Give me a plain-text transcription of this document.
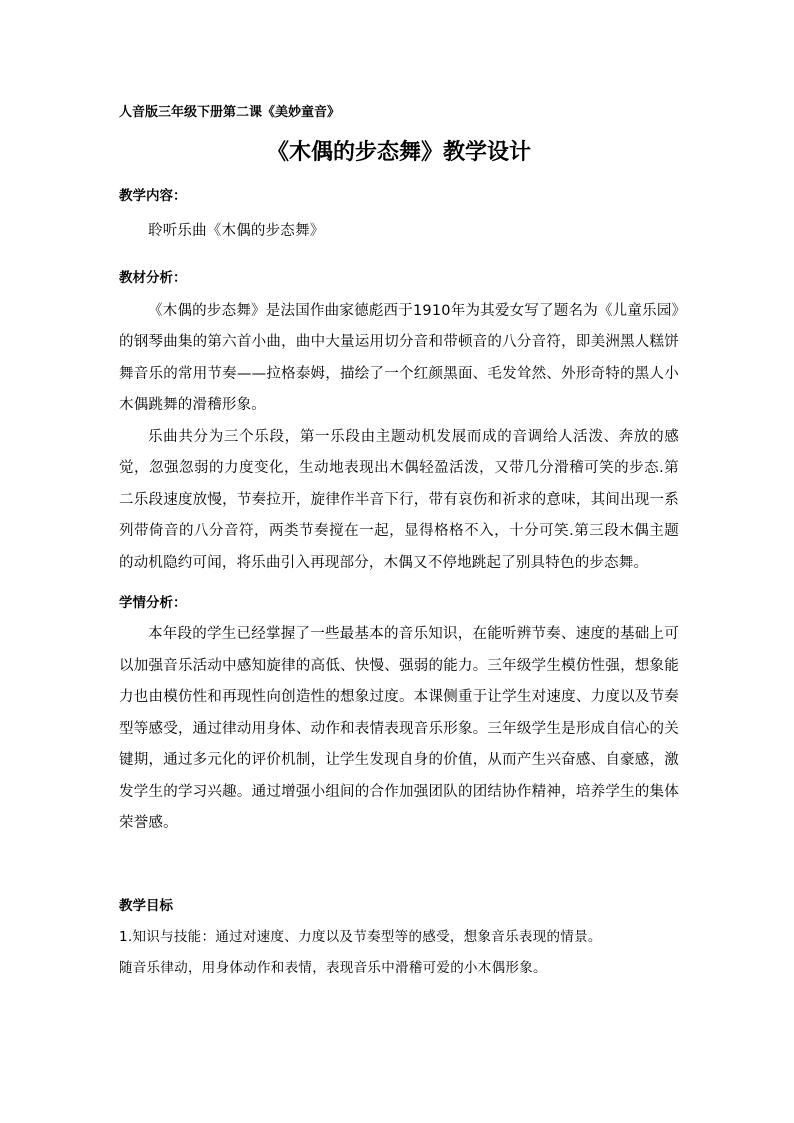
人音版三年级下册第二课《美妙童音》
《木偶的步态舞》教学设计
教学内容：

聆听乐曲《木偶的步态舞》

教材分析：

《木偶的步态舞》是法国作曲家德彪西于1910年为其爱女写了题名为《儿童乐园》的钢琴曲集的第六首小曲，曲中大量运用切分音和带顿音的八分音符，即美洲黑人糕饼舞音乐的常用节奏——拉格泰姆，描绘了一个红颜黑面、毛发耸然、外形奇特的黑人小木偶跳舞的滑稽形象。

乐曲共分为三个乐段，第一乐段由主题动机发展而成的音调给人活泼、奔放的感觉，忽强忽弱的力度变化，生动地表现出木偶轻盈活泼，又带几分滑稽可笑的步态.第二乐段速度放慢，节奏拉开，旋律作半音下行，带有哀伤和祈求的意味，其间出现一系列带倚音的八分音符，两类节奏搅在一起，显得格格不入，十分可笑.第三段木偶主题的动机隐约可闻，将乐曲引入再现部分，木偶又不停地跳起了别具特色的步态舞。

学情分析：

本年段的学生已经掌握了一些最基本的音乐知识，在能听辨节奏、速度的基础上可以加强音乐活动中感知旋律的高低、快慢、强弱的能力。三年级学生模仿性强，想象能力也由模仿性和再现性向创造性的想象过度。本课侧重于让学生对速度、力度以及节奏型等感受，通过律动用身体、动作和表情表现音乐形象。三年级学生是形成自信心的关键期，通过多元化的评价机制，让学生发现自身的价值，从而产生兴奋感、自豪感，激发学生的学习兴趣。通过增强小组间的合作加强团队的团结协作精神，培养学生的集体荣誉感。

教学目标

1.知识与技能：通过对速度、力度以及节奏型等的感受，想象音乐表现的情景。

随音乐律动，用身体动作和表情，表现音乐中滑稽可爱的小木偶形象。
